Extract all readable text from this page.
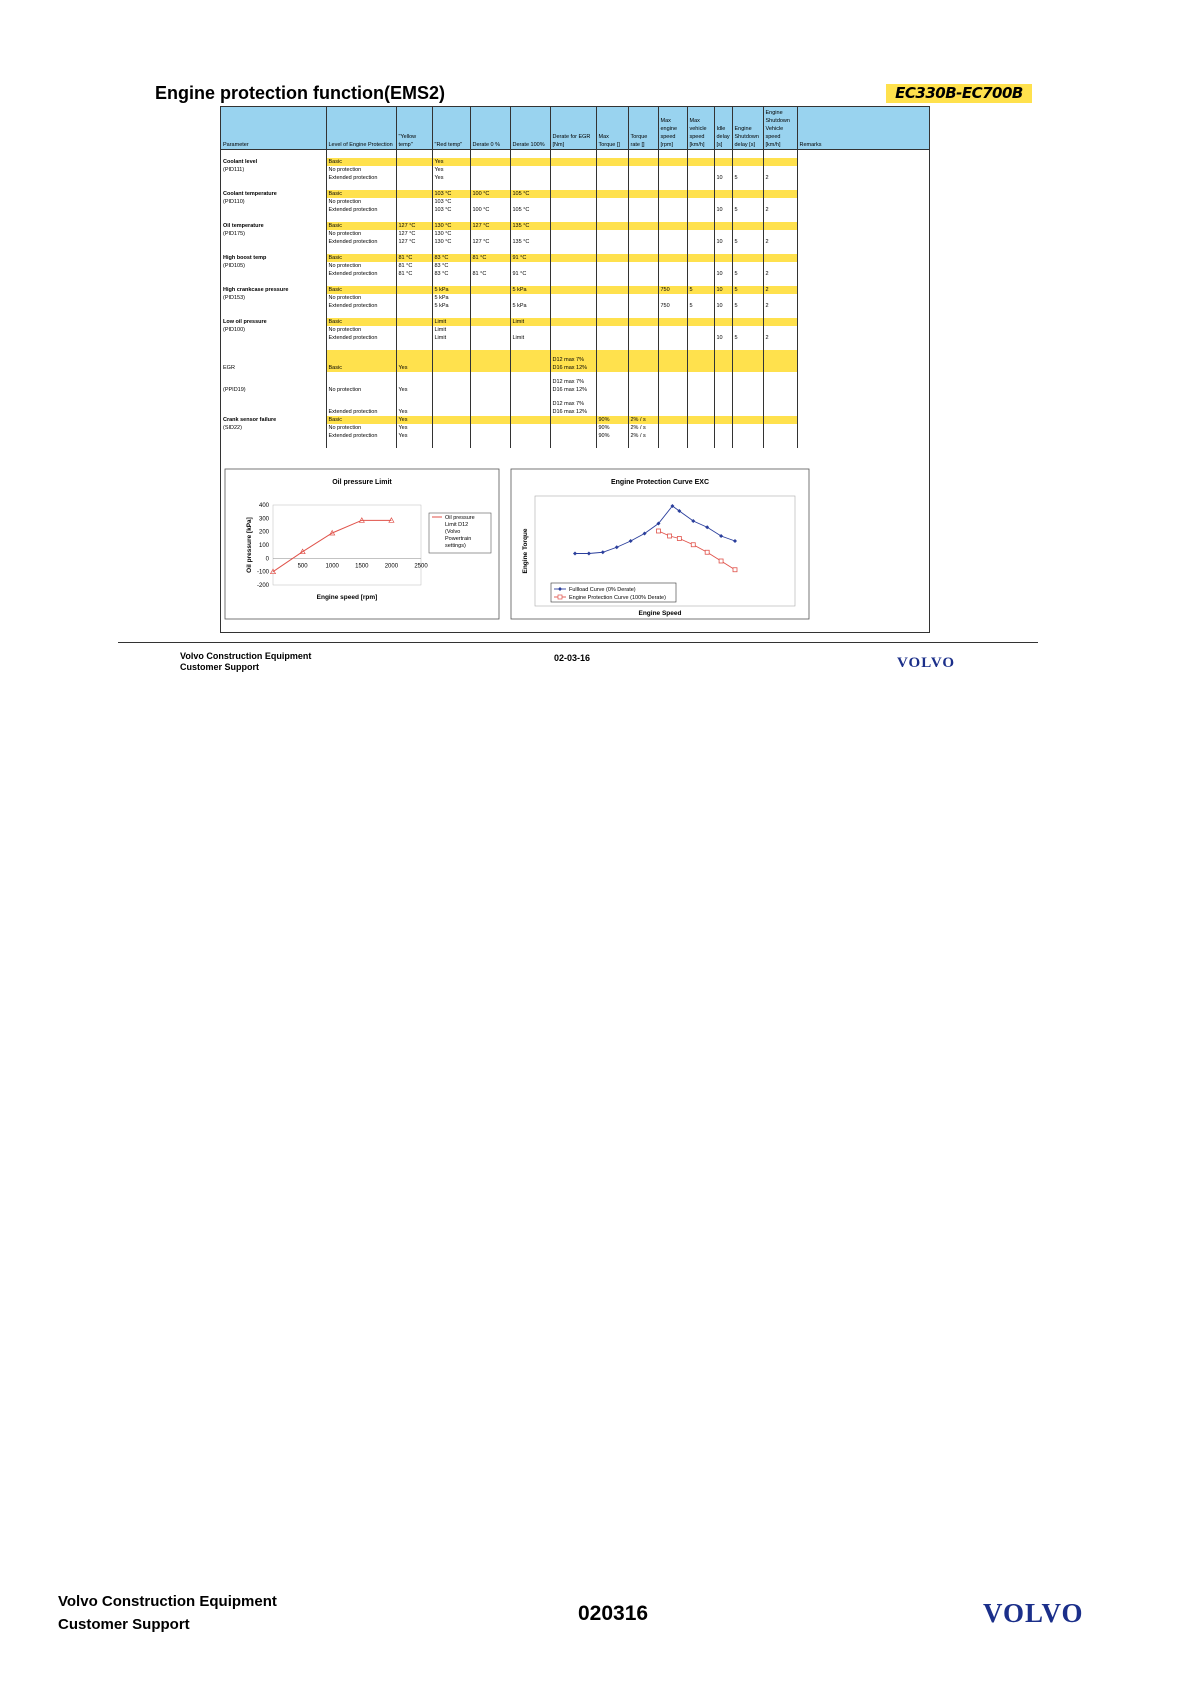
Engine protection function(EMS2)	EC330B-EC700B
Parameter	Level of Engine Protection	"Yellow temp"	"Red temp"	Derate 0 %	Derate 100%	Derate for EGR [Nm]	Max Torque []	Torque rate []	Max engine speed [rpm]	Max vehicle speed [km/h]	Idle delay [s]	Engine Shutdown delay [s]	Engine Shutdown Vehicle speed [km/h]	Remarks

Coolant level	Basic		Yes											
(PID111)	No protection		Yes											
	Extended protection		Yes								10	5	2	

Coolant temperature	Basic		103 °C	100 °C	105 °C									
(PID110)	No protection		103 °C											
	Extended protection		103 °C	100 °C	105 °C						10	5	2	

Oil temperature	Basic	127 °C	130 °C	127 °C	135 °C									
(PID175)	No protection	127 °C	130 °C											
	Extended protection	127 °C	130 °C	127 °C	135 °C						10	5	2	

High boost temp	Basic	81 °C	83 °C	81 °C	91 °C									
(PID105)	No protection	81 °C	83 °C											
	Extended protection	81 °C	83 °C	81 °C	91 °C						10	5	2	

High crankcase pressure	Basic		5 kPa		5 kPa				750	5	10	5	2	
(PID153)	No protection		5 kPa											
	Extended protection		5 kPa		5 kPa				750	5	10	5	2	

Low oil pressure	Basic		Limit		Limit									
(PID100)	No protection		Limit											
	Extended protection		Limit		Limit						10	5	2	

EGR	Basic	Yes				D12 max 7%
D16 max 12%								

(PPID19)	No protection	Yes				D12 max 7%
D16 max 12%								

	Extended protection	Yes				D12 max 7%
D16 max 12%								

Crank sensor failure	Basic	Yes					90%	2% / s						
(SID22)	No protection	Yes					90%	2% / s						
	Extended protection	Yes					90%	2% / s						

Oil pressure Limit
400
300
200
100
0
-100
-200
500	1000	1500	2000	2500
Engine speed [rpm]
Oil pressure [kPa]	Oil pressure
Limit D12
(Volvo
Powertrain
settings)
Engine Protection Curve EXC
Engine Speed
Engine Torque
Fullload Curve (0% Derate)
Engine Protection Curve (100% Derate)
Volvo Construction Equipment
Customer Support
02-03-16	VOLVO
Volvo Construction Equipment
Customer Support	020316	VOLVO
